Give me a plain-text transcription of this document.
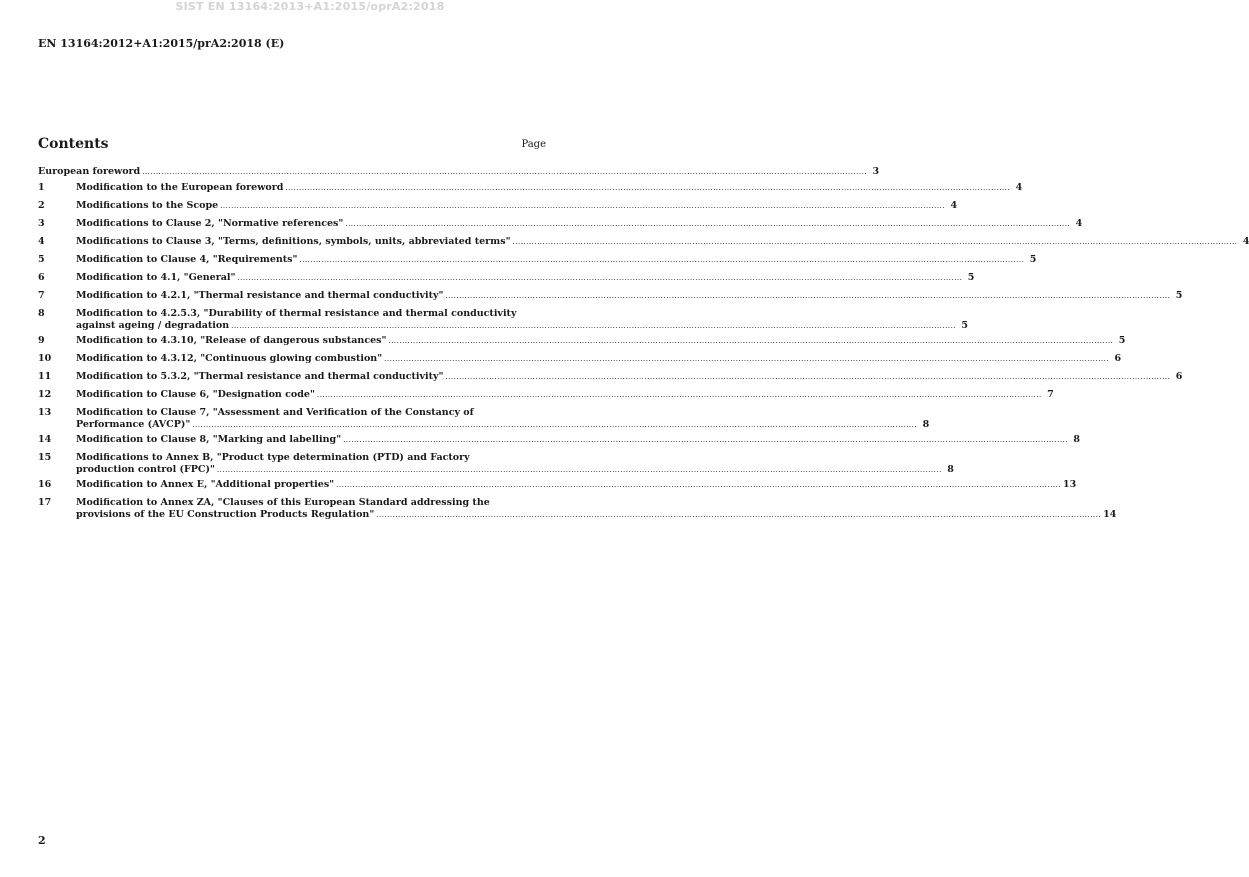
SIST EN 13164:2013+A1:2015/oprA2:2018
EN 13164:2012+A1:2015/prA2:2018 (E)
Contents	Page
European foreword .....	3
1	Modification to the European foreword .....	4
2	Modifications to the Scope .....	4
3	Modifications to Clause 2, "Normative references" .....	4
4	Modifications to Clause 3, "Terms, definitions, symbols, units, abbreviated terms" .....	4
5	Modification to Clause 4, "Requirements" .....	5
6	Modification to 4.1, "General" .....	5
7	Modification to 4.2.1, "Thermal resistance and thermal conductivity" .....	5
8	Modification to 4.2.5.3, "Durability of thermal resistance and thermal conductivity
against ageing / degradation .....	5
9	Modification to 4.3.10, "Release of dangerous substances" .....	5
10	Modification to 4.3.12, "Continuous glowing combustion" .....	6
11	Modification to 5.3.2, "Thermal resistance and thermal conductivity" .....	6
12	Modification to Clause 6, "Designation code" .....	7
13	Modification to Clause 7, "Assessment and Verification of the Constancy of
Performance (AVCP)" .....	8
14	Modification to Clause 8, "Marking and labelling" .....	8
15	Modifications to Annex B, "Product type determination (PTD) and Factory
production control (FPC)" .....	8
16	Modification to Annex E, "Additional properties" .....	13
17	Modification to Annex ZA, "Clauses of this European Standard addressing the
provisions of the EU Construction Products Regulation" .....	14
2
